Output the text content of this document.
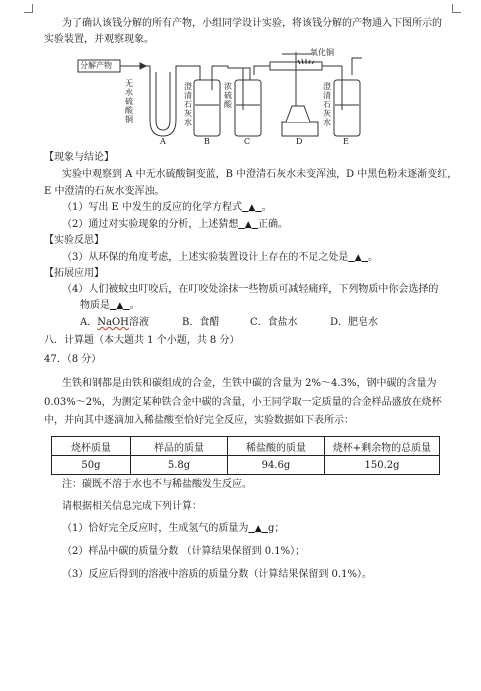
为了确认该钱分解的所有产物，小组同学设计实验，将该钱分解的产物通入下图所示的
实验装置，并观察现象。
分解产物
氧化铜
无水硫酸铜
澄清石灰水
浓硫酸
澄清石灰水
A	B	C	D	E
【现象与结论】
实验中观察到 A 中无水硫酸铜变蓝，B 中澄清石灰水未变浑浊，D 中黑色粉末逐渐变红，
E 中澄清的石灰水变浑浊。
（1）写出 E 中发生的反应的化学方程式 ▲ 。
（2）通过对实验现象的分析，上述猜想 ▲ 正确。
【实验反思】
（3）从环保的角度考虑，上述实验装置设计上存在的不足之处是 ▲ 。
【拓展应用】
（4）人们被蚊虫叮咬后，在叮咬处涂抹一些物质可减轻痛痒，下列物质中你会选择的
物质是 ▲ 。
A．NaOH溶液	B．食醋	C．食盐水	D．肥皂水
八．计算题（本大题共 1 个小题，共 8 分）
47．（8 分）
生铁和钢都是由铁和碳组成的合金，生铁中碳的含量为 2%～4.3%，钢中碳的含量为
0.03%～2%，为测定某种铁合金中碳的含量，小王同学取一定质量的合金样品盛放在烧杯
中，并向其中逐滴加入稀盐酸至恰好完全反应，实验数据如下表所示：
烧杯质量	样品的质量	稀盐酸的质量	烧杯+剩余物的总质量
50g	5.8g	94.6g	150.2g
注：碳既不溶于水也不与稀盐酸发生反应。
请根据相关信息完成下列计算：
（1）恰好完全反应时，生成氢气的质量为 ▲ g；
（2）样品中碳的质量分数 （计算结果保留到 0.1%）；
（3）反应后得到的溶液中溶质的质量分数（计算结果保留到 0.1%）。
